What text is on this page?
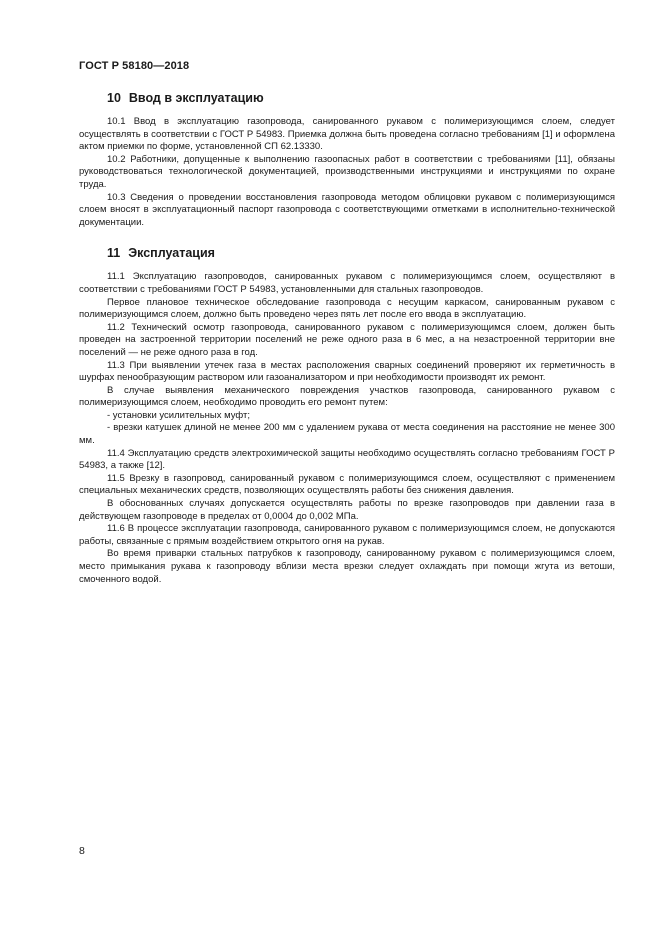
ГОСТ Р 58180—2018
10 Ввод в эксплуатацию

10.1 Ввод в эксплуатацию газопровода, санированного рукавом с полимеризующимся слоем, следует осуществлять в соответствии с ГОСТ Р 54983. Приемка должна быть проведена согласно требованиям [1] и оформлена актом приемки по форме, установленной СП 62.13330.

10.2 Работники, допущенные к выполнению газоопасных работ в соответствии с требованиями [11], обязаны руководствоваться технологической документацией, производственными инструкциями и инструкциями по охране труда.

10.3 Сведения о проведении восстановления газопровода методом облицовки рукавом с полимеризующимся слоем вносят в эксплуатационный паспорт газопровода с соответствующими отметками в исполнительно-технической документации.

11 Эксплуатация

11.1 Эксплуатацию газопроводов, санированных рукавом с полимеризующимся слоем, осуществляют в соответствии с требованиями ГОСТ Р 54983, установленными для стальных газопроводов.

Первое плановое техническое обследование газопровода с несущим каркасом, санированным рукавом с полимеризующимся слоем, должно быть проведено через пять лет после его ввода в эксплуатацию.

11.2 Технический осмотр газопровода, санированного рукавом с полимеризующимся слоем, должен быть проведен на застроенной территории поселений не реже одного раза в 6 мес, а на незастроенной территории вне поселений — не реже одного раза в год.

11.3 При выявлении утечек газа в местах расположения сварных соединений проверяют их герметичность в шурфах пенообразующим раствором или газоанализатором и при необходимости производят их ремонт.

В случае выявления механического повреждения участков газопровода, санированного рукавом с полимеризующимся слоем, необходимо проводить его ремонт путем:

- установки усилительных муфт;

- врезки катушек длиной не менее 200 мм с удалением рукава от места соединения на расстояние не менее 300 мм.

11.4 Эксплуатацию средств электрохимической защиты необходимо осуществлять согласно требованиям ГОСТ Р 54983, а также [12].

11.5 Врезку в газопровод, санированный рукавом с полимеризующимся слоем, осуществляют с применением специальных механических средств, позволяющих осуществлять работы без снижения давления.

В обоснованных случаях допускается осуществлять работы по врезке газопроводов при давлении газа в действующем газопроводе в пределах от 0,0004 до 0,002 МПа.

11.6 В процессе эксплуатации газопровода, санированного рукавом с полимеризующимся слоем, не допускаются работы, связанные с прямым воздействием открытого огня на рукав.

Во время приварки стальных патрубков к газопроводу, санированному рукавом с полимеризующимся слоем, место примыкания рукава к газопроводу вблизи места врезки следует охлаждать при помощи жгута из ветоши, смоченного водой.

8
